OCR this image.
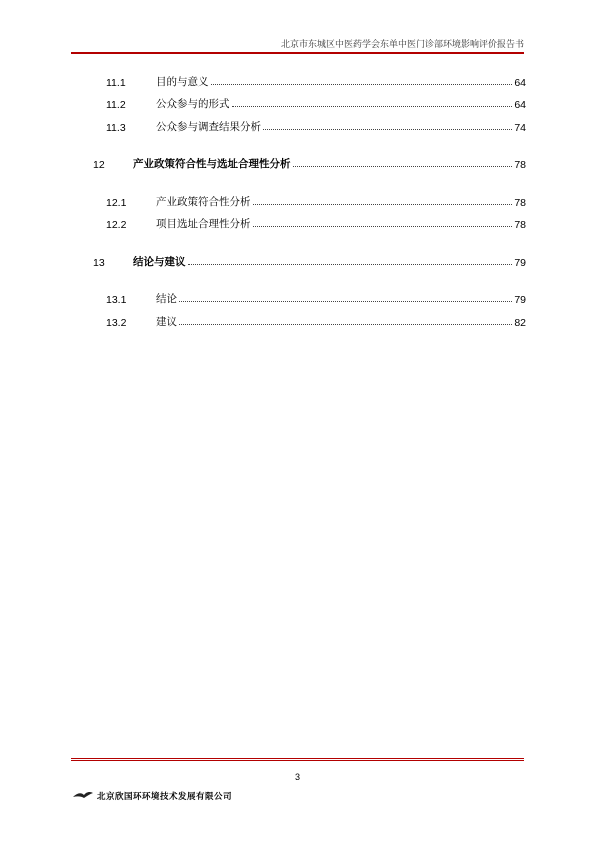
北京市东城区中医药学会东单中医门诊部环境影响评价报告书
11.1	目的与意义	64
11.2	公众参与的形式	64
11.3	公众参与调查结果分析	74
12	产业政策符合性与选址合理性分析	78
12.1	产业政策符合性分析	78
12.2	项目选址合理性分析	78
13	结论与建议	79
13.1	结论	79
13.2	建议	82
3
北京欣国环环境技术发展有限公司
